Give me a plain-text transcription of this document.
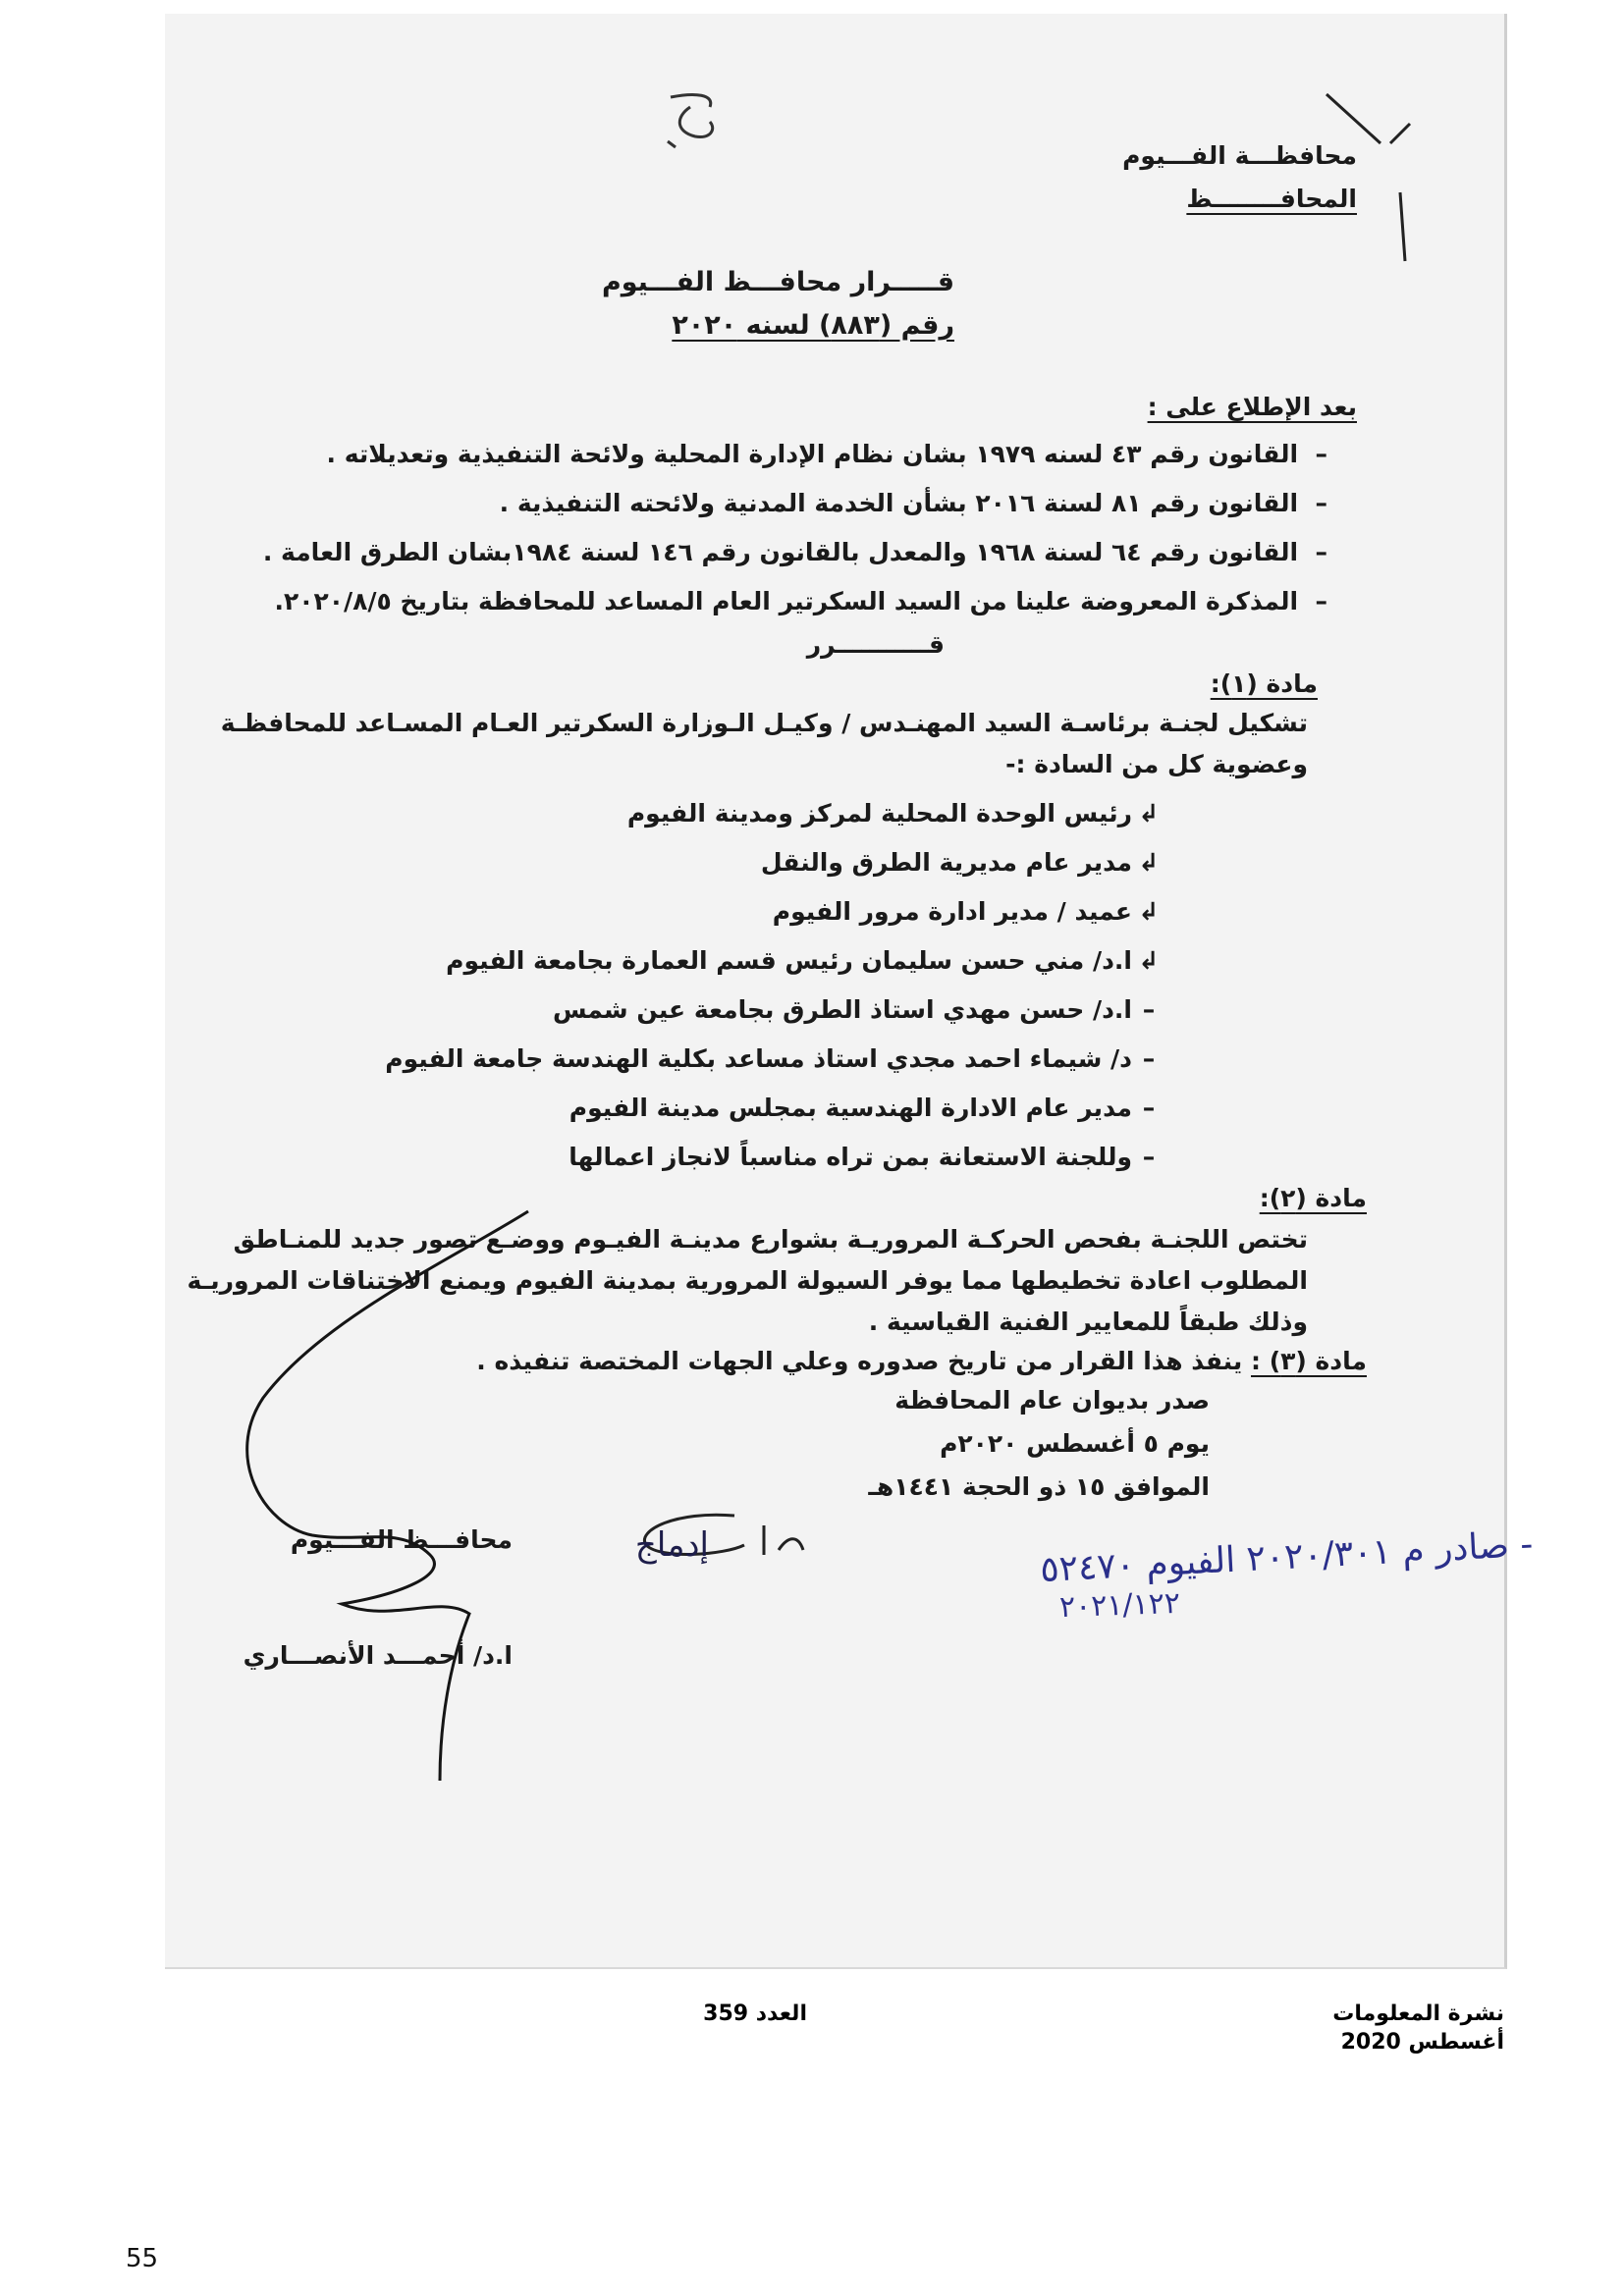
محافظـــة الفـــيوم
المحافــــــــظ
قـــــرار محافـــظ الفـــيوم
رقم (٨٨٣) لسنه ٢٠٢٠
بعد الإطلاع على :
–  القانون رقم ٤٣ لسنه ١٩٧٩ بشان نظام الإدارة المحلية ولائحة التنفيذية وتعديلاته .
–  القانون رقم ٨١ لسنة ٢٠١٦ بشأن الخدمة المدنية ولائحته التنفيذية .
–  القانون رقم ٦٤ لسنة ١٩٦٨ والمعدل بالقانون رقم ١٤٦ لسنة ١٩٨٤بشان الطرق العامة .
–  المذكرة المعروضة علينا من السيد السكرتير العام المساعد للمحافظة بتاريخ ٢٠٢٠/٨/٥.
قـــــــــــرر
مادة (١):
تشكيل لجنـة برئاسـة السيد المهنـدس / وكيـل الـوزارة السكرتير العـام المسـاعد للمحافظـة
وعضوية كل من السادة :-
↲رئيس الوحدة المحلية لمركز ومدينة الفيوم
↲مدير عام مديرية الطرق والنقل
↲عميد / مدير ادارة مرور الفيوم
↲ا.د/ مني حسن سليمان رئيس قسم العمارة بجامعة الفيوم
–ا.د/ حسن مهدي استاذ الطرق بجامعة عين شمس
–د/ شيماء احمد مجدي استاذ مساعد بكلية الهندسة جامعة الفيوم
–مدير عام الادارة الهندسية بمجلس مدينة الفيوم
–وللجنة الاستعانة بمن تراه مناسباً لانجاز اعمالها
مادة (٢):
تختص اللجنـة بفحص الحركـة المروريـة بشوارع مدينـة الفيـوم ووضـع تصور جديد للمنـاطق
المطلوب اعادة تخطيطها مما يوفر السيولة المرورية بمدينة الفيوم ويمنع الاختناقات المروريـة
وذلك طبقاً للمعايير الفنية القياسية .
مادة (٣) : ينفذ هذا القرار من تاريخ صدوره وعلي الجهات المختصة تنفيذه .
صدر بديوان عام المحافظة
يوم ٥ أغسطس ٢٠٢٠م
الموافق ١٥ ذو الحجة ١٤٤١هـ
محافـــظ الفـــيوم
ا.د/ أحمـــد الأنصـــاري
إدماج
- صادر م ٢٠٢٠/٣٠١ الفيوم ٥٢٤٧٠
٢٠٢١/١٢٢
نشرة المعلومات
أغسطس 2020
العدد 359
55
